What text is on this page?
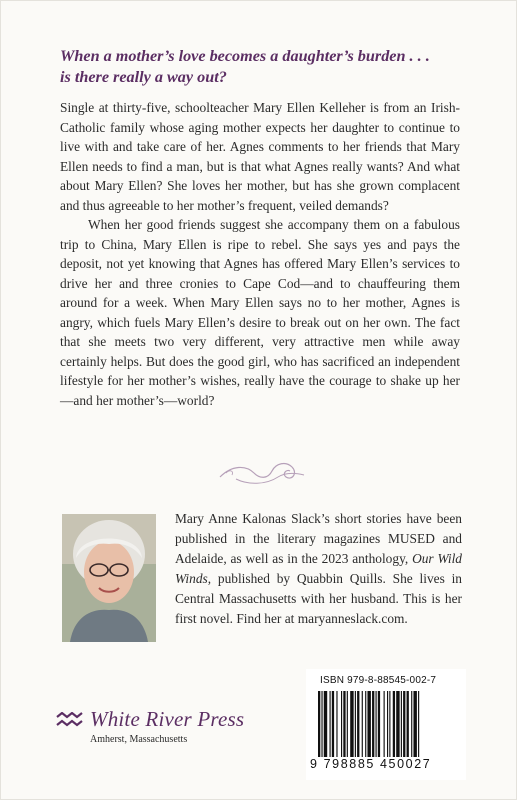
When a mother’s love becomes a daughter’s burden . . .
is there really a way out?

Single at thirty-five, schoolteacher Mary Ellen Kelleher is from an Irish-Catholic family whose aging mother expects her daughter to continue to live with and take care of her. Agnes comments to her friends that Mary Ellen needs to find a man, but is that what Agnes really wants? And what about Mary Ellen? She loves her mother, but has she grown complacent and thus agreeable to her mother’s frequent, veiled demands?

When her good friends suggest she accompany them on a fabulous trip to China, Mary Ellen is ripe to rebel. She says yes and pays the deposit, not yet knowing that Agnes has offered Mary Ellen’s services to drive her and three cronies to Cape Cod—and to chauffeuring them around for a week. When Mary Ellen says no to her mother, Agnes is angry, which fuels Mary Ellen’s desire to break out on her own. The fact that she meets two very different, very attractive men while away certainly helps. But does the good girl, who has sacrificed an independent lifestyle for her mother’s wishes, really have the courage to shake up her—and her mother’s—world?

Mary Anne Kalonas Slack’s short stories have been published in the literary magazines MUSED and Adelaide, as well as in the 2023 anthology, Our Wild Winds, published by Quabbin Quills. She lives in Central Massachusetts with her husband. This is her first novel. Find her at maryanneslack.com.

White River Press
Amherst, Massachusetts
ISBN 979-8-88545-002-7
9 798885 450027
